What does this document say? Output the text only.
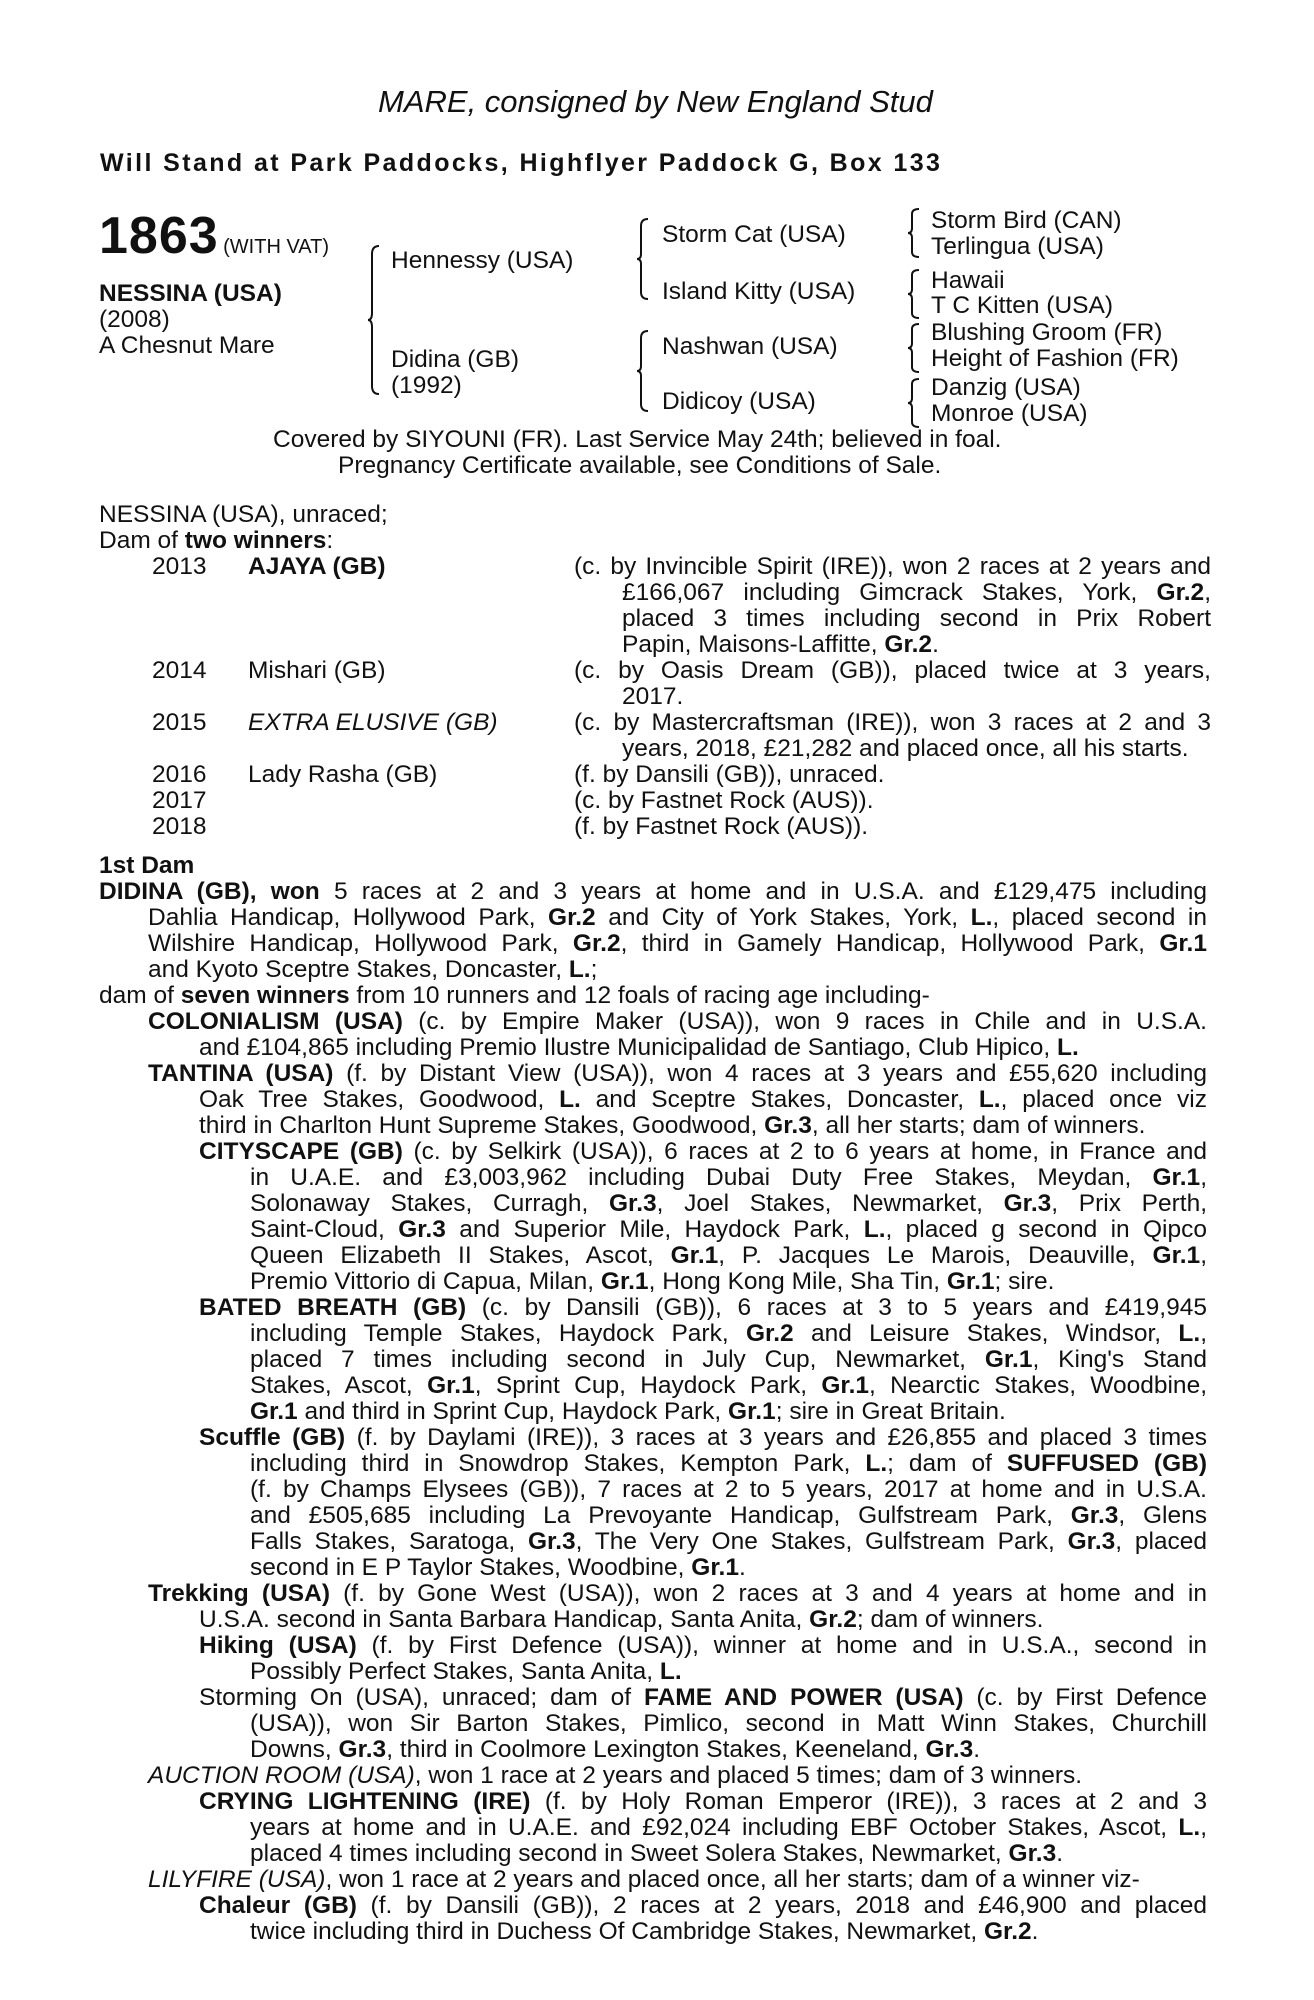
MARE, consigned by New England Stud
Will Stand at Park Paddocks, Highflyer Paddock G, Box 133
1863 (WITH VAT)
NESSINA (USA)
(2008)
A Chesnut Mare
Hennessy (USA)
Didina (GB)
(1992)
Storm Cat (USA)
Island Kitty (USA)
Nashwan (USA)
Didicoy (USA)
Storm Bird (CAN)
Terlingua (USA)
Hawaii
T C Kitten (USA)
Blushing Groom (FR)
Height of Fashion (FR)
Danzig (USA)
Monroe (USA)
Covered by SIYOUNI (FR). Last Service May 24th; believed in foal.
Pregnancy Certificate available, see Conditions of Sale.
NESSINA (USA), unraced;
Dam of two winners:
2013 AJAYA (GB)	(c. by Invincible Spirit (IRE)), won 2 races at 2 years and
£166,067 including Gimcrack Stakes, York, Gr.2,
placed 3 times including second in Prix Robert
Papin, Maisons-Laffitte, Gr.2.
2014 Mishari (GB)	(c. by Oasis Dream (GB)), placed twice at 3 years,
2017.
2015 EXTRA ELUSIVE (GB)	(c. by Mastercraftsman (IRE)), won 3 races at 2 and 3
years, 2018, £21,282 and placed once, all his starts.
2016 Lady Rasha (GB)	(f. by Dansili (GB)), unraced.
2017	(c. by Fastnet Rock (AUS)).
2018	(f. by Fastnet Rock (AUS)).
1st Dam
DIDINA (GB), won 5 races at 2 and 3 years at home and in U.S.A. and £129,475 including
Dahlia Handicap, Hollywood Park, Gr.2 and City of York Stakes, York, L., placed second in
Wilshire Handicap, Hollywood Park, Gr.2, third in Gamely Handicap, Hollywood Park, Gr.1
and Kyoto Sceptre Stakes, Doncaster, L.;
dam of seven winners from 10 runners and 12 foals of racing age including-
COLONIALISM (USA) (c. by Empire Maker (USA)), won 9 races in Chile and in U.S.A.
and £104,865 including Premio Ilustre Municipalidad de Santiago, Club Hipico, L.
TANTINA (USA) (f. by Distant View (USA)), won 4 races at 3 years and £55,620 including
Oak Tree Stakes, Goodwood, L. and Sceptre Stakes, Doncaster, L., placed once viz
third in Charlton Hunt Supreme Stakes, Goodwood, Gr.3, all her starts; dam of winners.
CITYSCAPE (GB) (c. by Selkirk (USA)), 6 races at 2 to 6 years at home, in France and
in U.A.E. and £3,003,962 including Dubai Duty Free Stakes, Meydan, Gr.1,
Solonaway Stakes, Curragh, Gr.3, Joel Stakes, Newmarket, Gr.3, Prix Perth,
Saint-Cloud, Gr.3 and Superior Mile, Haydock Park, L., placed g second in Qipco
Queen Elizabeth II Stakes, Ascot, Gr.1, P. Jacques Le Marois, Deauville, Gr.1,
Premio Vittorio di Capua, Milan, Gr.1, Hong Kong Mile, Sha Tin, Gr.1; sire.
BATED BREATH (GB) (c. by Dansili (GB)), 6 races at 3 to 5 years and £419,945
including Temple Stakes, Haydock Park, Gr.2 and Leisure Stakes, Windsor, L.,
placed 7 times including second in July Cup, Newmarket, Gr.1, King's Stand
Stakes, Ascot, Gr.1, Sprint Cup, Haydock Park, Gr.1, Nearctic Stakes, Woodbine,
Gr.1 and third in Sprint Cup, Haydock Park, Gr.1; sire in Great Britain.
Scuffle (GB) (f. by Daylami (IRE)), 3 races at 3 years and £26,855 and placed 3 times
including third in Snowdrop Stakes, Kempton Park, L.; dam of SUFFUSED (GB)
(f. by Champs Elysees (GB)), 7 races at 2 to 5 years, 2017 at home and in U.S.A.
and £505,685 including La Prevoyante Handicap, Gulfstream Park, Gr.3, Glens
Falls Stakes, Saratoga, Gr.3, The Very One Stakes, Gulfstream Park, Gr.3, placed
second in E P Taylor Stakes, Woodbine, Gr.1.
Trekking (USA) (f. by Gone West (USA)), won 2 races at 3 and 4 years at home and in
U.S.A. second in Santa Barbara Handicap, Santa Anita, Gr.2; dam of winners.
Hiking (USA) (f. by First Defence (USA)), winner at home and in U.S.A., second in
Possibly Perfect Stakes, Santa Anita, L.
Storming On (USA), unraced; dam of FAME AND POWER (USA) (c. by First Defence
(USA)), won Sir Barton Stakes, Pimlico, second in Matt Winn Stakes, Churchill
Downs, Gr.3, third in Coolmore Lexington Stakes, Keeneland, Gr.3.
AUCTION ROOM (USA), won 1 race at 2 years and placed 5 times; dam of 3 winners.
CRYING LIGHTENING (IRE) (f. by Holy Roman Emperor (IRE)), 3 races at 2 and 3
years at home and in U.A.E. and £92,024 including EBF October Stakes, Ascot, L.,
placed 4 times including second in Sweet Solera Stakes, Newmarket, Gr.3.
LILYFIRE (USA), won 1 race at 2 years and placed once, all her starts; dam of a winner viz-
Chaleur (GB) (f. by Dansili (GB)), 2 races at 2 years, 2018 and £46,900 and placed
twice including third in Duchess Of Cambridge Stakes, Newmarket, Gr.2.
